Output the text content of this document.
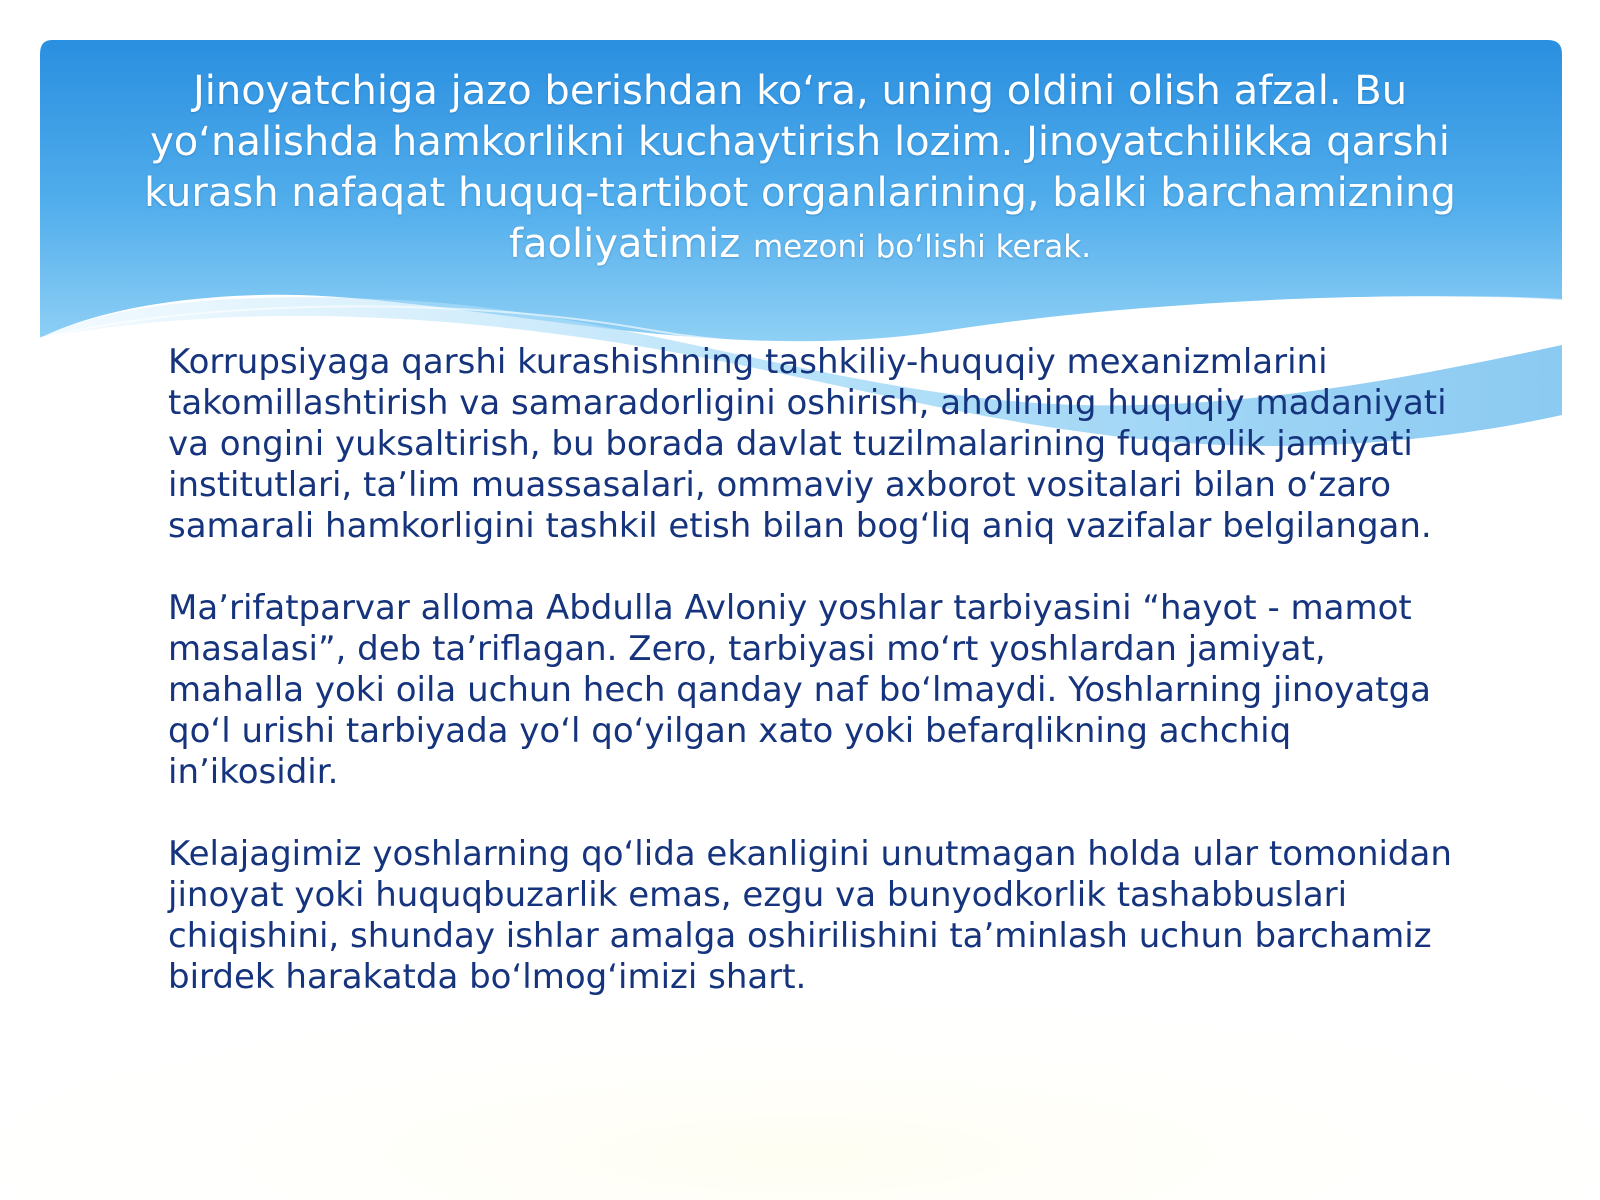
Jinoyatchiga jazo berishdan ko‘ra, uning oldini olish afzal. Bu yo‘nalishda hamkorlikni kuchaytirish lozim. Jinoyatchilikka qarshi kurash nafaqat huquq-tartibot organlarining, balki barchamizning faoliyatimiz mezoni bo‘lishi kerak.

Korrupsiyaga qarshi kurashishning tashkiliy-huquqiy mexanizmlarini takomillashtirish va samaradorligini oshirish, aholining huquqiy madaniyati va ongini yuksaltirish, bu borada davlat tuzilmalarining fuqarolik jamiyati institutlari, ta’lim muassasalari, ommaviy axborot vositalari bilan o‘zaro samarali hamkorligini tashkil etish bilan bog‘liq aniq vazifalar belgilangan.

Ma’rifatparvar alloma Abdulla Avloniy yoshlar tarbiyasini “hayot - mamot masalasi”, deb ta’riflagan. Zero, tarbiyasi mo‘rt yoshlardan jamiyat, mahalla yoki oila uchun hech qanday naf bo‘lmaydi. Yoshlarning jinoyatga qo‘l urishi tarbiyada yo‘l qo‘yilgan xato yoki befarqlikning achchiq in’ikosidir.

Kelajagimiz yoshlarning qo‘lida ekanligini unutmagan holda ular tomonidan jinoyat yoki huquqbuzarlik emas, ezgu va bunyodkorlik tashabbuslari chiqishini, shunday ishlar amalga oshirilishini ta’minlash uchun barchamiz birdek harakatda bo‘lmog‘imizi shart.
